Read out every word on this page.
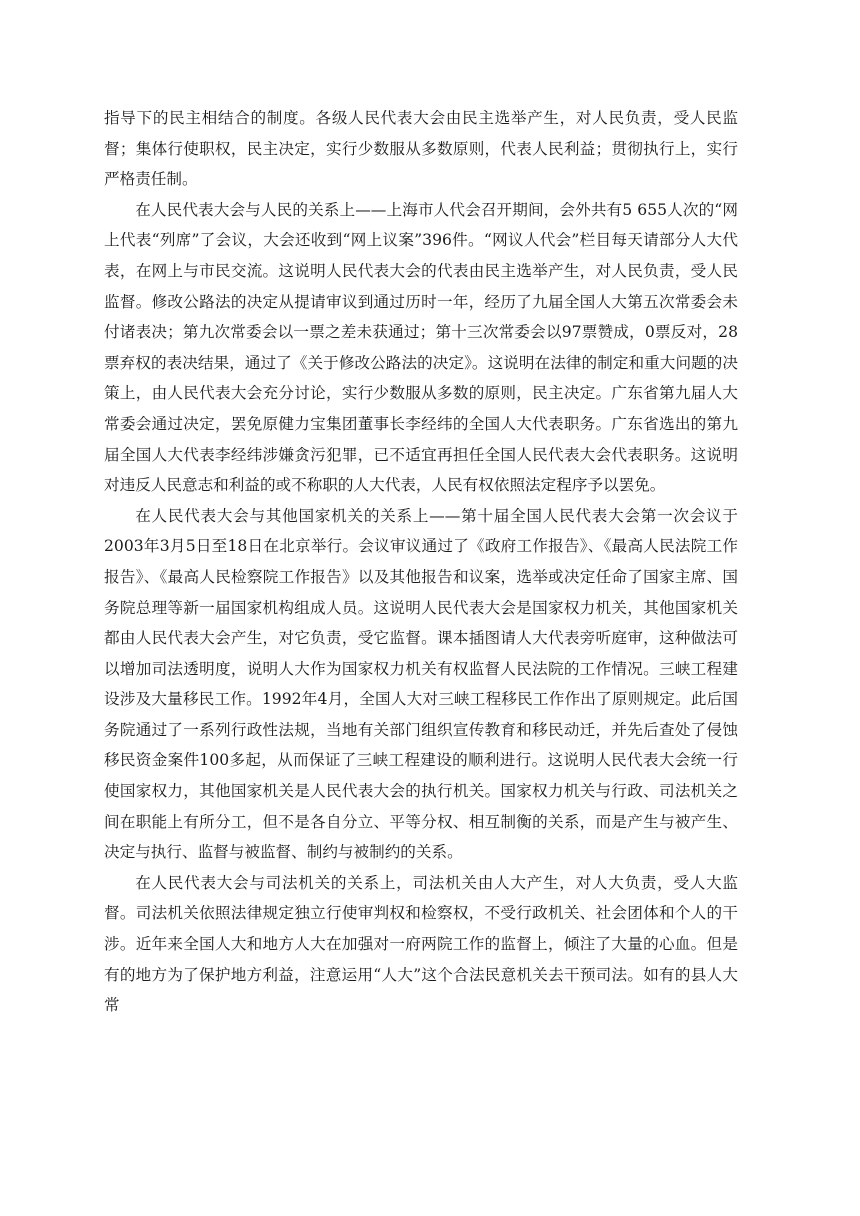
指导下的民主相结合的制度。各级人民代表大会由民主选举产生，对人民负责，受人民监督；集体行使职权，民主决定，实行少数服从多数原则，代表人民利益；贯彻执行上，实行严格责任制。

在人民代表大会与人民的关系上——上海市人代会召开期间，会外共有5 655人次的“网上代表“列席”了会议，大会还收到“网上议案”396件。“网议人代会”栏目每天请部分人大代表，在网上与市民交流。这说明人民代表大会的代表由民主选举产生，对人民负责，受人民监督。修改公路法的决定从提请审议到通过历时一年，经历了九届全国人大第五次常委会未付诸表决；第九次常委会以一票之差未获通过；第十三次常委会以97票赞成，0票反对，28票弃权的表决结果，通过了《关于修改公路法的决定》。这说明在法律的制定和重大问题的决策上，由人民代表大会充分讨论，实行少数服从多数的原则，民主决定。广东省第九届人大常委会通过决定，罢免原健力宝集团董事长李经纬的全国人大代表职务。广东省选出的第九届全国人大代表李经纬涉嫌贪污犯罪，已不适宜再担任全国人民代表大会代表职务。这说明对违反人民意志和利益的或不称职的人大代表，人民有权依照法定程序予以罢免。

在人民代表大会与其他国家机关的关系上——第十届全国人民代表大会第一次会议于2003年3月5日至18日在北京举行。会议审议通过了《政府工作报告》、《最高人民法院工作报告》、《最高人民检察院工作报告》以及其他报告和议案，选举或决定任命了国家主席、国务院总理等新一届国家机构组成人员。这说明人民代表大会是国家权力机关，其他国家机关都由人民代表大会产生，对它负责，受它监督。课本插图请人大代表旁听庭审，这种做法可以增加司法透明度，说明人大作为国家权力机关有权监督人民法院的工作情况。三峡工程建设涉及大量移民工作。1992年4月，全国人大对三峡工程移民工作作出了原则规定。此后国务院通过了一系列行政性法规，当地有关部门组织宣传教育和移民动迁，并先后查处了侵蚀移民资金案件100多起，从而保证了三峡工程建设的顺利进行。这说明人民代表大会统一行使国家权力，其他国家机关是人民代表大会的执行机关。国家权力机关与行政、司法机关之间在职能上有所分工，但不是各自分立、平等分权、相互制衡的关系，而是产生与被产生、决定与执行、监督与被监督、制约与被制约的关系。

在人民代表大会与司法机关的关系上，司法机关由人大产生，对人大负责，受人大监督。司法机关依照法律规定独立行使审判权和检察权，不受行政机关、社会团体和个人的干涉。近年来全国人大和地方人大在加强对一府两院工作的监督上，倾注了大量的心血。但是有的地方为了保护地方利益，注意运用“人大”这个合法民意机关去干预司法。如有的县人大常
